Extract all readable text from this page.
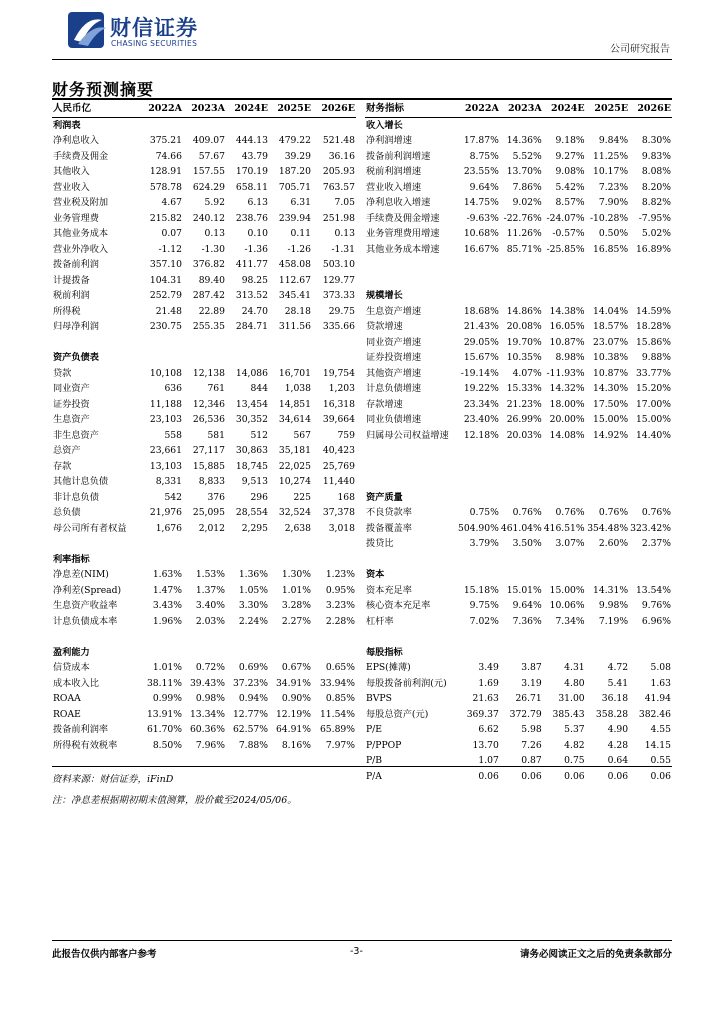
财信证券
CHASING SECURITIES
公司研究报告
财务预测摘要
人民币亿	2022A	2023A	2024E	2025E	2026E
利润表					
净利息收入	375.21	409.07	444.13	479.22	521.48
手续费及佣金	74.66	57.67	43.79	39.29	36.16
其他收入	128.91	157.55	170.19	187.20	205.93
营业收入	578.78	624.29	658.11	705.71	763.57
营业税及附加	4.67	5.92	6.13	6.31	7.05
业务管理费	215.82	240.12	238.76	239.94	251.98
其他业务成本	0.07	0.13	0.10	0.11	0.13
营业外净收入	-1.12	-1.30	-1.36	-1.26	-1.31
拨备前利润	357.10	376.82	411.77	458.08	503.10
计提拨备	104.31	89.40	98.25	112.67	129.77
税前利润	252.79	287.42	313.52	345.41	373.33
所得税	21.48	22.89	24.70	28.18	29.75
归母净利润	230.75	255.35	284.71	311.56	335.66

资产负债表					
贷款	10,108	12,138	14,086	16,701	19,754
同业资产	636	761	844	1,038	1,203
证券投资	11,188	12,346	13,454	14,851	16,318
生息资产	23,103	26,536	30,352	34,614	39,664
非生息资产	558	581	512	567	759
总资产	23,661	27,117	30,863	35,181	40,423
存款	13,103	15,885	18,745	22,025	25,769
其他计息负债	8,331	8,833	9,513	10,274	11,440
非计息负债	542	376	296	225	168
总负债	21,976	25,095	28,554	32,524	37,378
母公司所有者权益	1,676	2,012	2,295	2,638	3,018

利率指标					
净息差(NIM)	1.63%	1.53%	1.36%	1.30%	1.23%
净利差(Spread)	1.47%	1.37%	1.05%	1.01%	0.95%
生息资产收益率	3.43%	3.40%	3.30%	3.28%	3.23%
计息负债成本率	1.96%	2.03%	2.24%	2.27%	2.28%

盈利能力					
信贷成本	1.01%	0.72%	0.69%	0.67%	0.65%
成本收入比	38.11%	39.43%	37.23%	34.91%	33.94%
ROAA	0.99%	0.98%	0.94%	0.90%	0.85%
ROAE	13.91%	13.34%	12.77%	12.19%	11.54%
拨备前利润率	61.70%	60.36%	62.57%	64.91%	65.89%
所得税有效税率	8.50%	7.96%	7.88%	8.16%	7.97%
财务指标	2022A	2023A	2024E	2025E	2026E
收入增长					
净利润增速	17.87%	14.36%	9.18%	9.84%	8.30%
拨备前利润增速	8.75%	5.52%	9.27%	11.25%	9.83%
税前利润增速	23.55%	13.70%	9.08%	10.17%	8.08%
营业收入增速	9.64%	7.86%	5.42%	7.23%	8.20%
净利息收入增速	14.75%	9.02%	8.57%	7.90%	8.82%
手续费及佣金增速	-9.63%	-22.76%	-24.07%	-10.28%	-7.95%
业务管理费用增速	10.68%	11.26%	-0.57%	0.50%	5.02%
其他业务成本增速	16.67%	85.71%	-25.85%	16.85%	16.89%

规模增长					
生息资产增速	18.68%	14.86%	14.38%	14.04%	14.59%
贷款增速	21.43%	20.08%	16.05%	18.57%	18.28%
同业资产增速	29.05%	19.70%	10.87%	23.07%	15.86%
证券投资增速	15.67%	10.35%	8.98%	10.38%	9.88%
其他资产增速	-19.14%	4.07%	-11.93%	10.87%	33.77%
计息负债增速	19.22%	15.33%	14.32%	14.30%	15.20%
存款增速	23.34%	21.23%	18.00%	17.50%	17.00%
同业负债增速	23.40%	26.99%	20.00%	15.00%	15.00%
归属母公司权益增速	12.18%	20.03%	14.08%	14.92%	14.40%

资产质量					
不良贷款率	0.75%	0.76%	0.76%	0.76%	0.76%
拨备覆盖率	504.90%	461.04%	416.51%	354.48%	323.42%
拨贷比	3.79%	3.50%	3.07%	2.60%	2.37%

资本					
资本充足率	15.18%	15.01%	15.00%	14.31%	13.54%
核心资本充足率	9.75%	9.64%	10.06%	9.98%	9.76%
杠杆率	7.02%	7.36%	7.34%	7.19%	6.96%

每股指标					
EPS(摊薄)	3.49	3.87	4.31	4.72	5.08
每股拨备前利润(元)	1.69	3.19	4.80	5.41	1.63
BVPS	21.63	26.71	31.00	36.18	41.94
每股总资产(元)	369.37	372.79	385.43	358.28	382.46
P/E	6.62	5.98	5.37	4.90	4.55
P/PPOP	13.70	7.26	4.82	4.28	14.15
P/B	1.07	0.87	0.75	0.64	0.55
P/A	0.06	0.06	0.06	0.06	0.06
资料来源：财信证券，iFinD
注：净息差根据期初期末值测算，股价截至2024/05/06。
此报告仅供内部客户参考	-3-	请务必阅读正文之后的免责条款部分
